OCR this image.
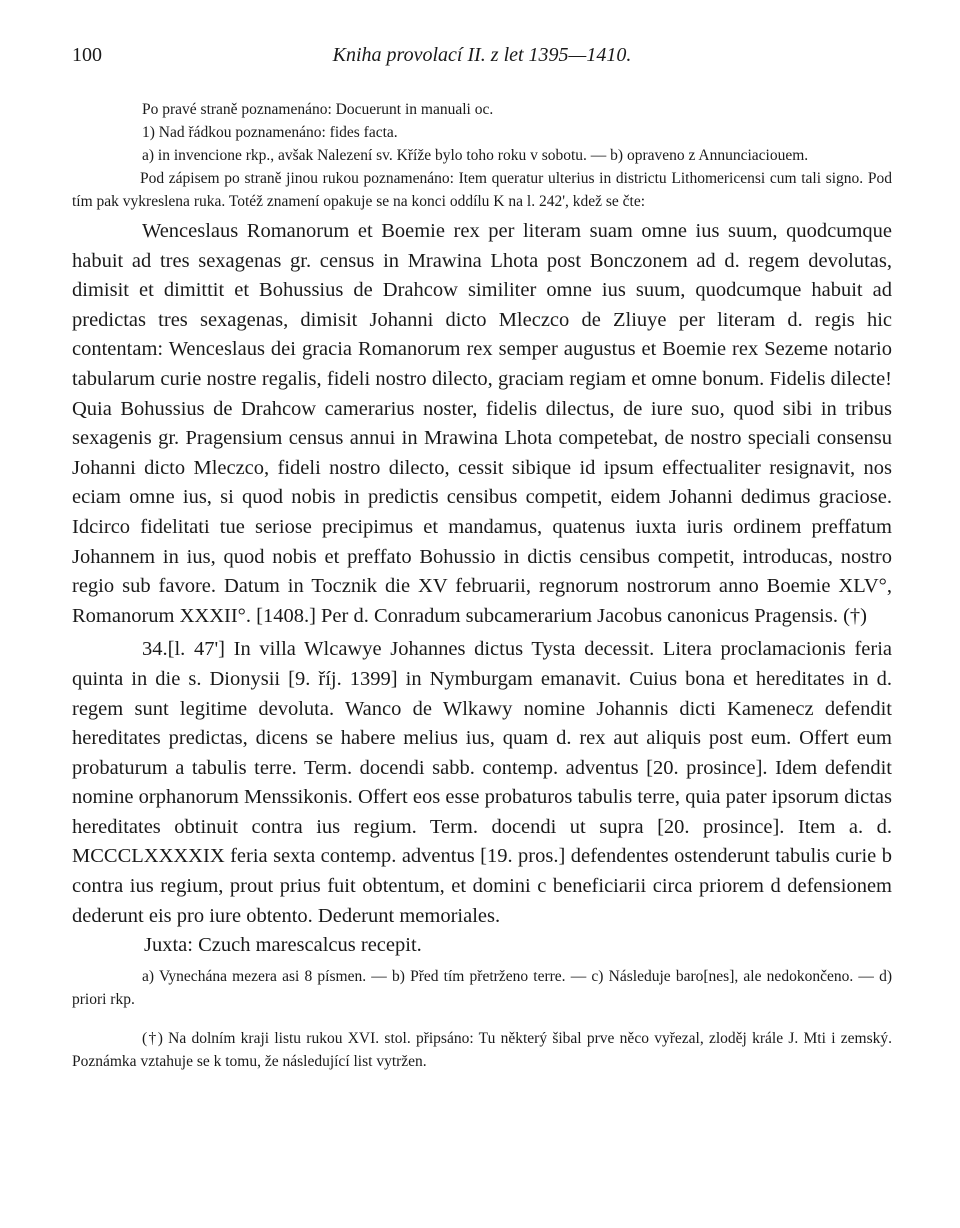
100	Kniha provolací II. z let 1395—1410.

Po pravé straně poznamenáno: Docuerunt in manuali oc.

1) Nad řádkou poznamenáno: fides facta.

a) in invencione rkp., avšak Nalezení sv. Kříže bylo toho roku v sobotu. — b) opraveno z Annunciaciouem.

Pod zápisem po straně jinou rukou poznamenáno: Item queratur ulterius in districtu Lithomericensi cum tali signo. Pod tím pak vykreslena ruka. Totéž znamení opakuje se na konci oddílu K na l. 242', kdež se čte:

Wenceslaus Romanorum et Boemie rex per literam suam omne ius suum, quodcumque habuit ad tres sexagenas gr. census in Mrawina Lhota post Bonczonem ad d. regem devolutas, dimisit et dimittit et Bohussius de Drahcow similiter omne ius suum, quodcumque habuit ad predictas tres sexagenas, dimisit Johanni dicto Mleczco de Zliuye per literam d. regis hic contentam: Wenceslaus dei gracia Romanorum rex semper augustus et Boemie rex Sezeme notario tabularum curie nostre regalis, fideli nostro dilecto, graciam regiam et omne bonum. Fidelis dilecte! Quia Bohussius de Drahcow camerarius noster, fidelis dilectus, de iure suo, quod sibi in tribus sexagenis gr. Pragensium census annui in Mrawina Lhota competebat, de nostro speciali consensu Johanni dicto Mleczco, fideli nostro dilecto, cessit sibique id ipsum effectualiter resignavit, nos eciam omne ius, si quod nobis in predictis censibus competit, eidem Johanni dedimus graciose. Idcirco fidelitati tue seriose precipimus et mandamus, quatenus iuxta iuris ordinem preffatum Johannem in ius, quod nobis et preffato Bohussio in dictis censibus competit, introducas, nostro regio sub favore. Datum in Tocznik die XV februarii, regnorum nostrorum anno Boemie XLV°, Romanorum XXXII°. [1408.] Per d. Conradum subcamerarium Jacobus canonicus Pragensis. (†)

34.[l. 47'] In villa Wlcawye Johannes dictus Tysta decessit. Litera proclamacionis feria quinta in die s. Dionysii [9. říj. 1399] in Nymburgam emanavit. Cuius bona et hereditates in d. regem sunt legitime devoluta. Wanco de Wlkawy nomine Johannis dicti Kamenecz defendit hereditates predictas, dicens se habere melius ius, quam d. rex aut aliquis post eum. Offert eum probaturum a tabulis terre. Term. docendi sabb. contemp. adventus [20. prosince]. Idem defendit nomine orphanorum Menssikonis. Offert eos esse probaturos tabulis terre, quia pater ipsorum dictas hereditates obtinuit contra ius regium. Term. docendi ut supra [20. prosince]. Item a. d. MCCCLXXXXIX feria sexta contemp. adventus [19. pros.] defendentes ostenderunt tabulis curie b contra ius regium, prout prius fuit obtentum, et domini c beneficiarii circa priorem d defensionem dederunt eis pro iure obtento. Dederunt memoriales.

Juxta: Czuch marescalcus recepit.

a) Vynechána mezera asi 8 písmen. — b) Před tím přetrženo terre. — c) Následuje baro[nes], ale nedokončeno. — d) priori rkp.

(†) Na dolním kraji listu rukou XVI. stol. připsáno: Tu některý šibal prve něco vyřezal, zloděj krále J. Mti i zemský. Poznámka vztahuje se k tomu, že následující list vytržen.
